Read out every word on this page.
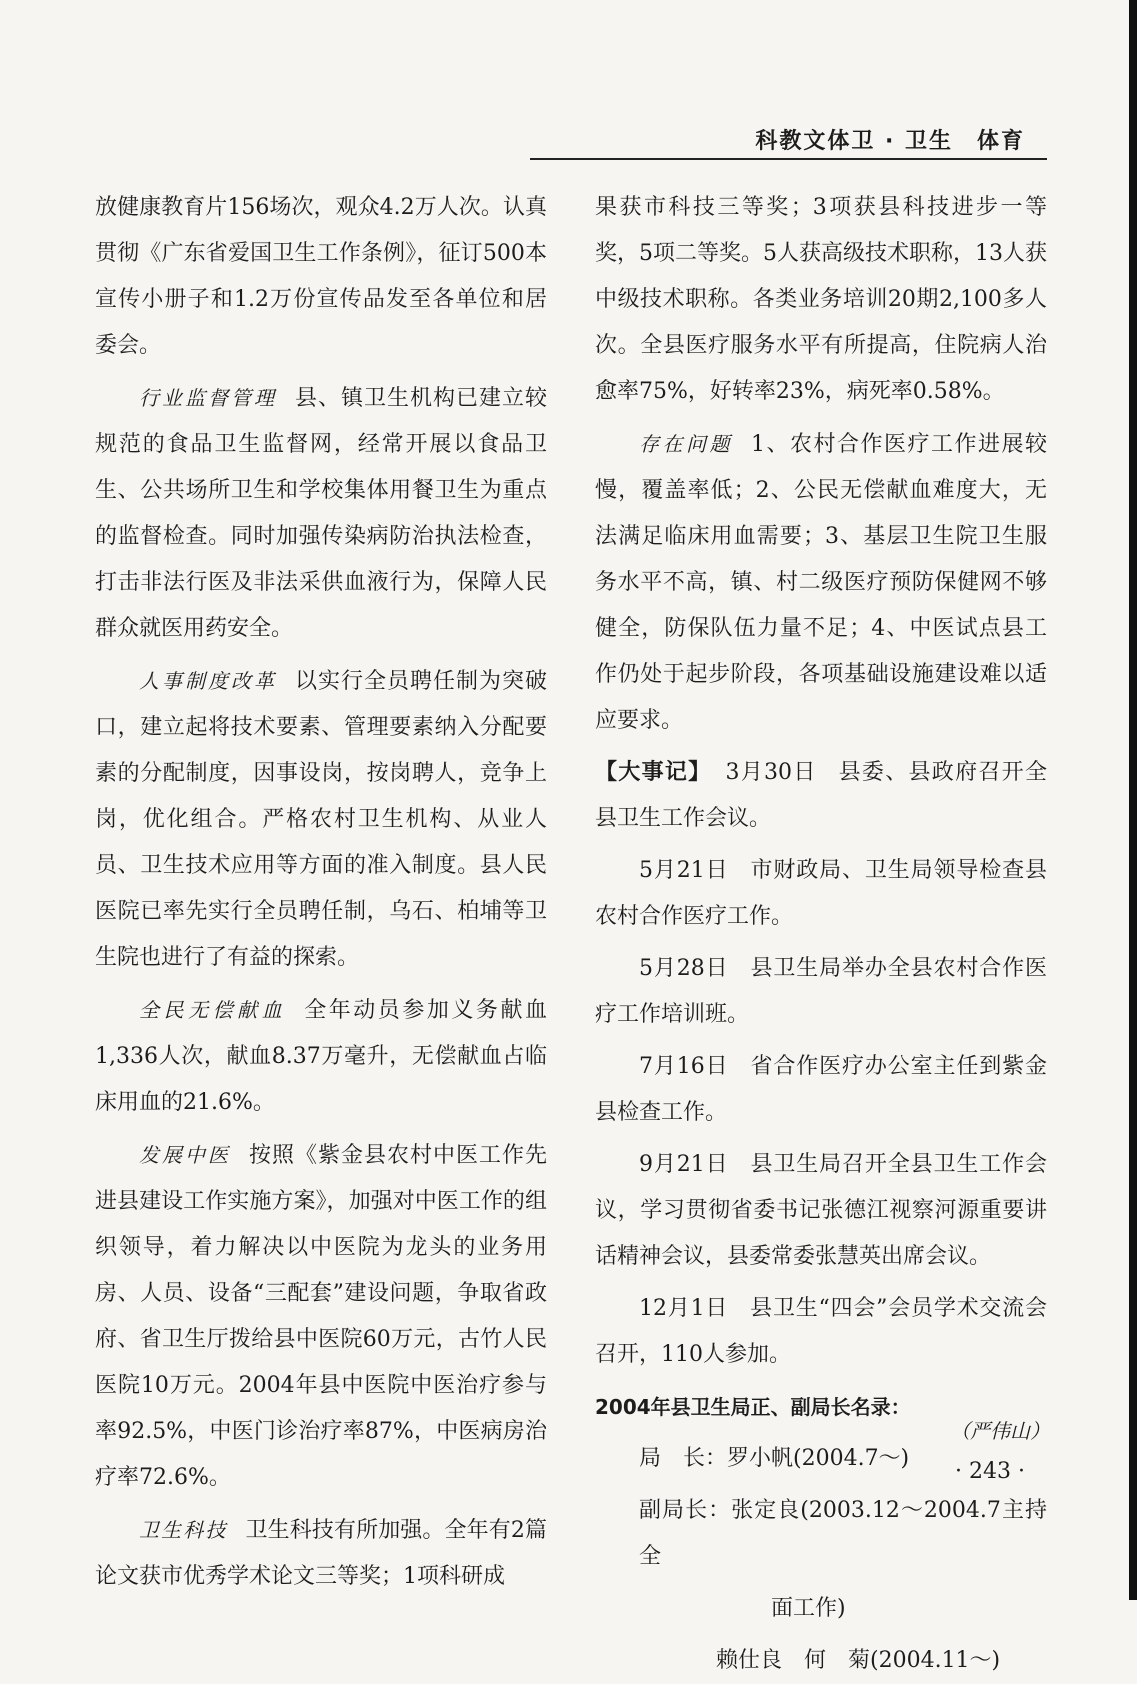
科教文体卫 · 卫生　体育

放健康教育片156场次，观众4.2万人次。认真贯彻《广东省爱国卫生工作条例》，征订500本宣传小册子和1.2万份宣传品发至各单位和居委会。

行业监督管理 县、镇卫生机构已建立较规范的食品卫生监督网，经常开展以食品卫生、公共场所卫生和学校集体用餐卫生为重点的监督检查。同时加强传染病防治执法检查，打击非法行医及非法采供血液行为，保障人民群众就医用药安全。

人事制度改革 以实行全员聘任制为突破口，建立起将技术要素、管理要素纳入分配要素的分配制度，因事设岗，按岗聘人，竞争上岗，优化组合。严格农村卫生机构、从业人员、卫生技术应用等方面的准入制度。县人民医院已率先实行全员聘任制，乌石、柏埔等卫生院也进行了有益的探索。

全民无偿献血 全年动员参加义务献血1,336人次，献血8.37万毫升，无偿献血占临床用血的21.6%。

发展中医 按照《紫金县农村中医工作先进县建设工作实施方案》，加强对中医工作的组织领导，着力解决以中医院为龙头的业务用房、人员、设备“三配套”建设问题，争取省政府、省卫生厅拨给县中医院60万元，古竹人民医院10万元。2004年县中医院中医治疗参与率92.5%，中医门诊治疗率87%，中医病房治疗率72.6%。

卫生科技 卫生科技有所加强。全年有2篇论文获市优秀学术论文三等奖；1项科研成

果获市科技三等奖；3项获县科技进步一等奖，5项二等奖。5人获高级技术职称，13人获中级技术职称。各类业务培训20期2,100多人次。全县医疗服务水平有所提高，住院病人治愈率75%，好转率23%，病死率0.58%。

存在问题 1、农村合作医疗工作进展较慢，覆盖率低；2、公民无偿献血难度大，无法满足临床用血需要；3、基层卫生院卫生服务水平不高，镇、村二级医疗预防保健网不够健全，防保队伍力量不足；4、中医试点县工作仍处于起步阶段，各项基础设施建设难以适应要求。

【大事记】 3月30日 县委、县政府召开全县卫生工作会议。

5月21日 市财政局、卫生局领导检查县农村合作医疗工作。

5月28日 县卫生局举办全县农村合作医疗工作培训班。

7月16日 省合作医疗办公室主任到紫金县检查工作。

9月21日 县卫生局召开全县卫生工作会议，学习贯彻省委书记张德江视察河源重要讲话精神会议，县委常委张慧英出席会议。

12月1日 县卫生“四会”会员学术交流会召开，110人参加。

2004年县卫生局正、副局长名录：

局　长：罗小帆(2004.7～)

副局长：张定良(2003.12～2004.7主持全

面工作)

赖仕良　何　菊(2004.11～)

（严伟山）
· 243 ·
